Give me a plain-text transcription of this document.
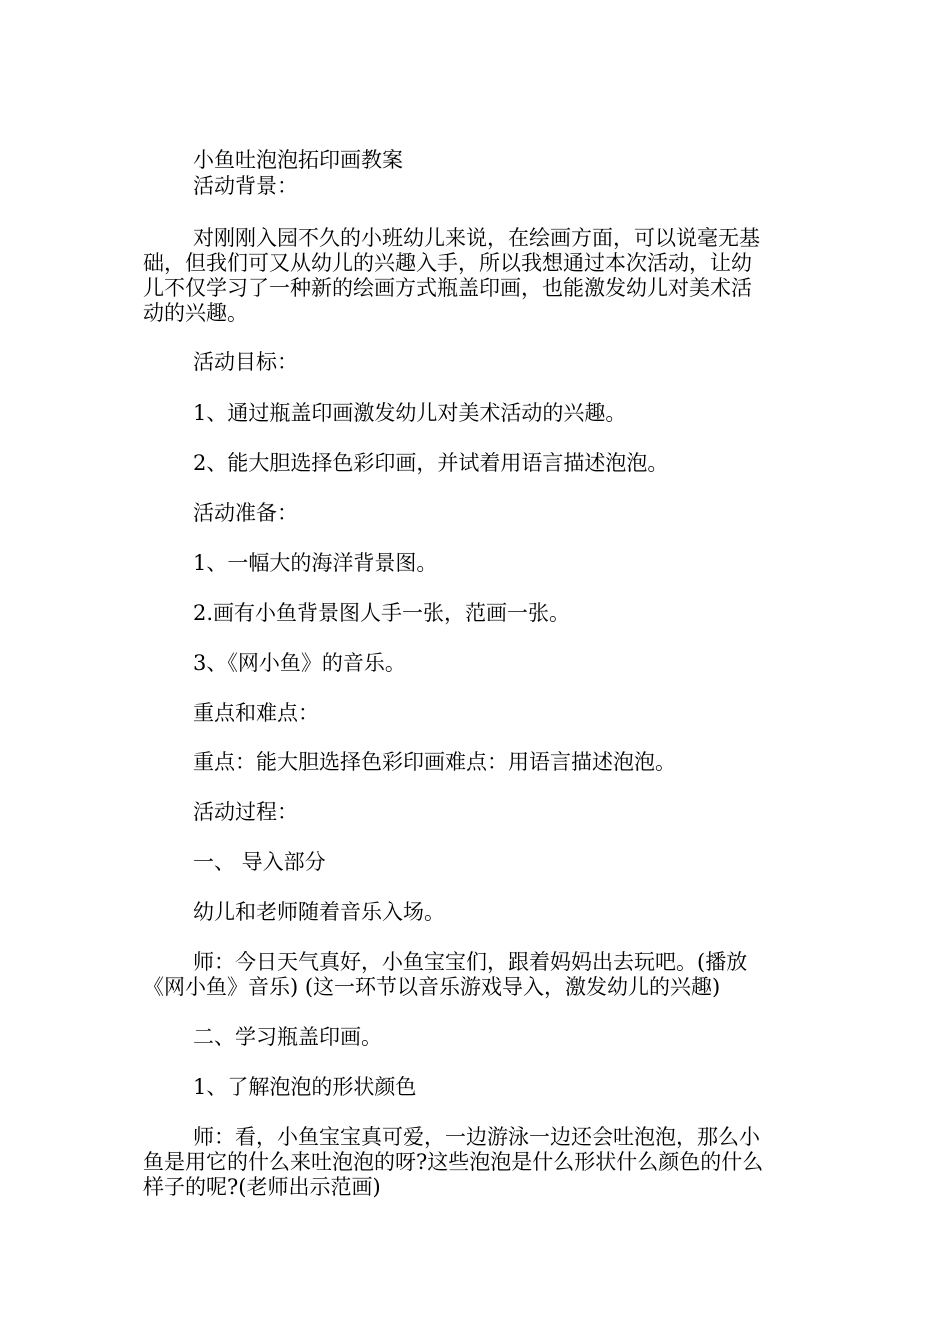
小鱼吐泡泡拓印画教案

活动背景：

对刚刚入园不久的小班幼儿来说，在绘画方面，可以说毫无基
础，但我们可又从幼儿的兴趣入手，所以我想通过本次活动，让幼
儿不仅学习了一种新的绘画方式瓶盖印画，也能激发幼儿对美术活
动的兴趣。

活动目标：

1、通过瓶盖印画激发幼儿对美术活动的兴趣。

2、能大胆选择色彩印画，并试着用语言描述泡泡。

活动准备：

1、一幅大的海洋背景图。

2.画有小鱼背景图人手一张，范画一张。

3、《网小鱼》的音乐。

重点和难点：

重点：能大胆选择色彩印画难点：用语言描述泡泡。

活动过程：

一、 导入部分

幼儿和老师随着音乐入场。

师：今日天气真好，小鱼宝宝们，跟着妈妈出去玩吧。(播放
《网小鱼》音乐) (这一环节以音乐游戏导入，激发幼儿的兴趣)

二、学习瓶盖印画。

1、了解泡泡的形状颜色

师：看，小鱼宝宝真可爱，一边游泳一边还会吐泡泡，那么小
鱼是用它的什么来吐泡泡的呀?这些泡泡是什么形状什么颜色的什么
样子的呢?(老师出示范画)
